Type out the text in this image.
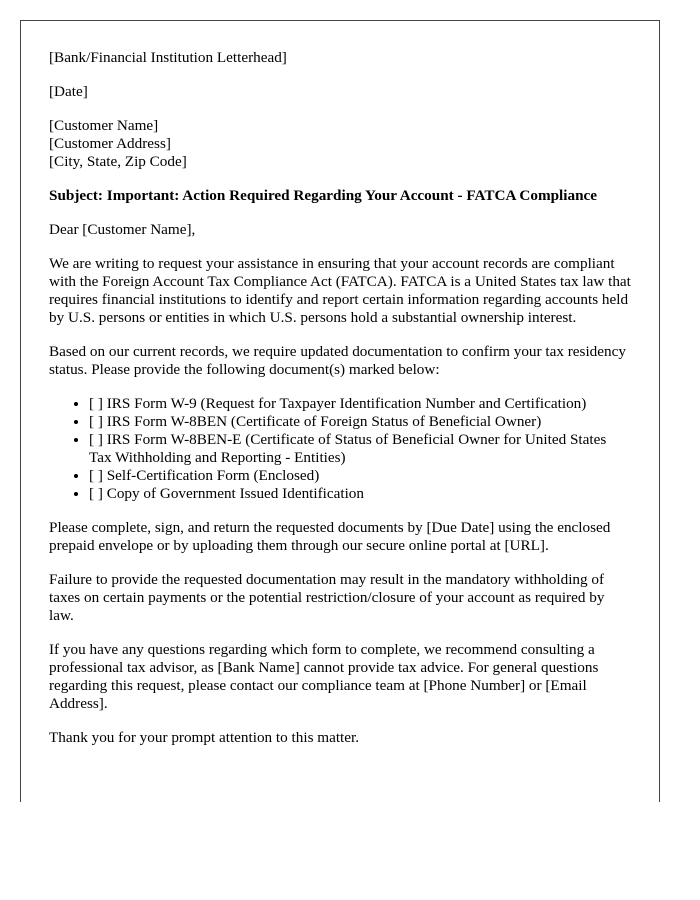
[Bank/Financial Institution Letterhead]

[Date]

[Customer Name]
[Customer Address]
[City, State, Zip Code]

Subject: Important: Action Required Regarding Your Account - FATCA Compliance

Dear [Customer Name],

We are writing to request your assistance in ensuring that your account records are compliant with the Foreign Account Tax Compliance Act (FATCA). FATCA is a United States tax law that requires financial institutions to identify and report certain information regarding accounts held by U.S. persons or entities in which U.S. persons hold a substantial ownership interest.

Based on our current records, we require updated documentation to confirm your tax residency status. Please provide the following document(s) marked below:

• [ ] IRS Form W-9 (Request for Taxpayer Identification Number and Certification)
• [ ] IRS Form W-8BEN (Certificate of Foreign Status of Beneficial Owner)
• [ ] IRS Form W-8BEN-E (Certificate of Status of Beneficial Owner for United States Tax Withholding and Reporting - Entities)
• [ ] Self-Certification Form (Enclosed)
• [ ] Copy of Government Issued Identification

Please complete, sign, and return the requested documents by [Due Date] using the enclosed prepaid envelope or by uploading them through our secure online portal at [URL].

Failure to provide the requested documentation may result in the mandatory withholding of taxes on certain payments or the potential restriction/closure of your account as required by law.

If you have any questions regarding which form to complete, we recommend consulting a professional tax advisor, as [Bank Name] cannot provide tax advice. For general questions regarding this request, please contact our compliance team at [Phone Number] or [Email Address].

Thank you for your prompt attention to this matter.
